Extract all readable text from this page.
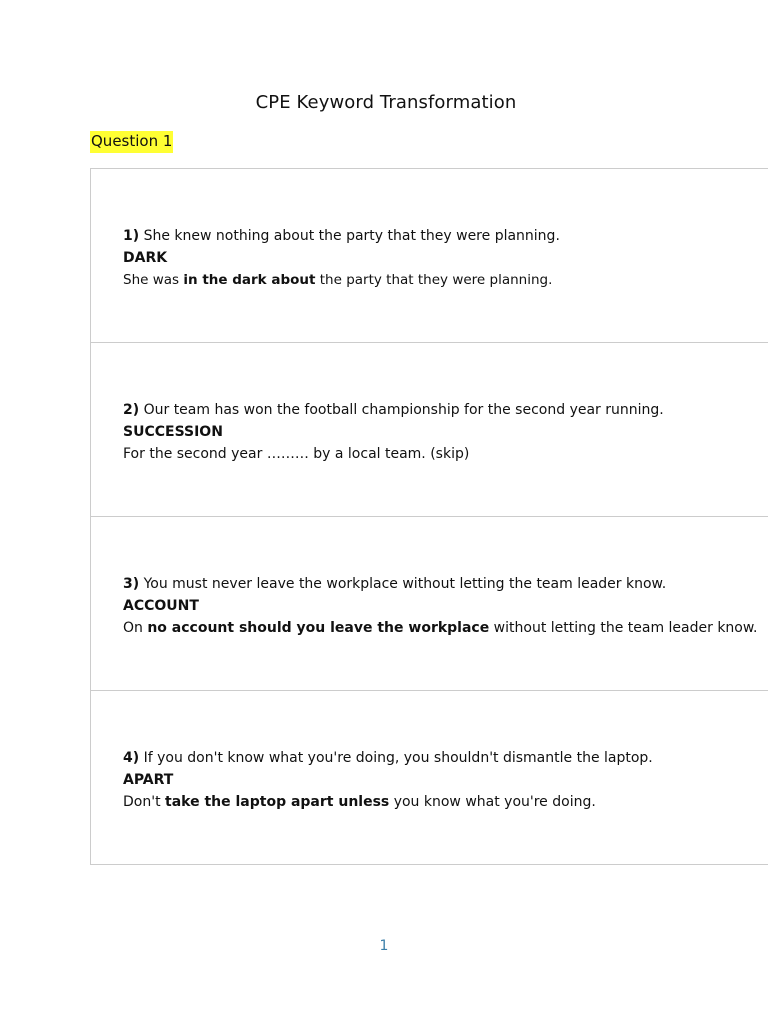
CPE Keyword Transformation
Question 1
1) She knew nothing about the party that they were planning.
DARK
She was in the dark about the party that they were planning.
2) Our team has won the football championship for the second year running.
SUCCESSION
For the second year ……… by a local team. (skip)
3) You must never leave the workplace without letting the team leader know.
ACCOUNT
On no account should you leave the workplace without letting the team leader know.
4) If you don't know what you're doing, you shouldn't dismantle the laptop.
APART
Don't take the laptop apart unless you know what you're doing.
1
